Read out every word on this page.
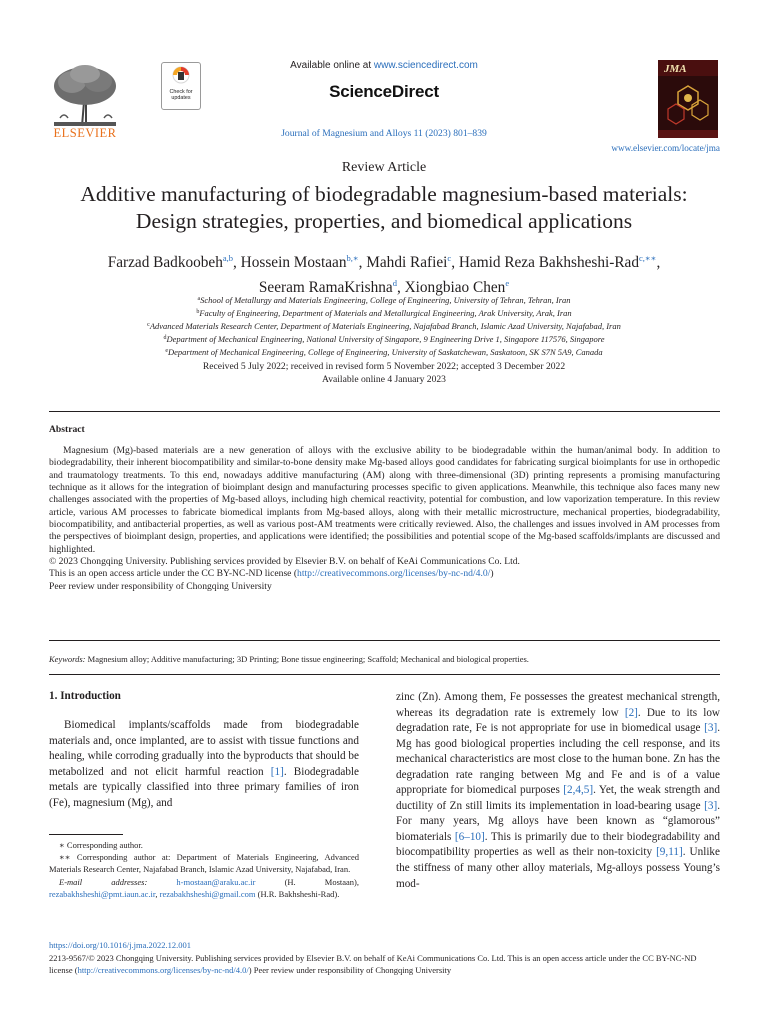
ELSEVIER
Check for updates
Available online at www.sciencedirect.com
ScienceDirect
Journal of Magnesium and Alloys 11 (2023) 801–839
JMA
www.elsevier.com/locate/jma
Review Article
Additive manufacturing of biodegradable magnesium-based materials:
Design strategies, properties, and biomedical applications
Farzad Badkoobeh$^{a,b}$, Hossein Mostaan$^{b,∗}$, Mahdi Rafiei$^c$, Hamid Reza Bakhsheshi-Rad$^{c,∗∗}$,
Seeram RamaKrishna$^d$, Xiongbiao Chen$^e$
$^a$School of Metallurgy and Materials Engineering, College of Engineering, University of Tehran, Tehran, Iran
$^b$Faculty of Engineering, Department of Materials and Metallurgical Engineering, Arak University, Arak, Iran
$^c$Advanced Materials Research Center, Department of Materials Engineering, Najafabad Branch, Islamic Azad University, Najafabad, Iran
$^d$Department of Mechanical Engineering, National University of Singapore, 9 Engineering Drive 1, Singapore 117576, Singapore
$^e$Department of Mechanical Engineering, College of Engineering, University of Saskatchewan, Saskatoon, SK S7N 5A9, Canada
Received 5 July 2022; received in revised form 5 November 2022; accepted 3 December 2022
Available online 4 January 2023
Abstract

Magnesium (Mg)-based materials are a new generation of alloys with the exclusive ability to be biodegradable within the human/animal body. In addition to biodegradability, their inherent biocompatibility and similar-to-bone density make Mg-based alloys good candidates for fabricating surgical bioimplants for use in orthopedic and traumatology treatments. To this end, nowadays additive manufacturing (AM) along with three-dimensional (3D) printing represents a promising manufacturing technique as it allows for the integration of bioimplant design and manufacturing processes specific to given applications. Meanwhile, this technique also faces many new challenges associated with the properties of Mg-based alloys, including high chemical reactivity, potential for combustion, and low vaporization temperature. In this review article, various AM processes to fabricate biomedical implants from Mg-based alloys, along with their metallic microstructure, mechanical properties, biodegradability, biocompatibility, and antibacterial properties, as well as various post-AM treatments were critically reviewed. Also, the challenges and issues involved in AM processes from the perspectives of bioimplant design, properties, and applications were identified; the possibilities and potential scope of the Mg-based scaffolds/implants are discussed and highlighted.

© 2023 Chongqing University. Publishing services provided by Elsevier B.V. on behalf of KeAi Communications Co. Ltd.

This is an open access article under the CC BY-NC-ND license (http://creativecommons.org/licenses/by-nc-nd/4.0/)

Peer review under responsibility of Chongqing University

Keywords: Magnesium alloy; Additive manufacturing; 3D Printing; Bone tissue engineering; Scaffold; Mechanical and biological properties.
1. Introduction

Biomedical implants/scaffolds made from biodegradable materials and, once implanted, are to assist with tissue functions and healing, while corroding gradually into the byproducts that should be metabolized and not elicit harmful reaction [1]. Biodegradable metals are typically classified into three primary families of iron (Fe), magnesium (Mg), and

∗ Corresponding author.

∗∗ Corresponding author at: Department of Materials Engineering, Advanced Materials Research Center, Najafabad Branch, Islamic Azad University, Najafabad, Iran.

E-mail addresses:	h-mostaan@araku.ac.ir (H. Mostaan), rezabakhsheshi@pmt.iaun.ac.ir, rezabakhsheshi@gmail.com (H.R. Bakhsheshi-Rad).

zinc (Zn). Among them, Fe possesses the greatest mechanical strength, whereas its degradation rate is extremely low [2]. Due to its low degradation rate, Fe is not appropriate for use in biomedical usage [3]. Mg has good biological properties including the cell response, and its mechanical characteristics are most close to the human bone. Zn has the degradation rate ranging between Mg and Fe and is of a value appropriate for biomedical purposes [2,4,5]. Yet, the weak strength and ductility of Zn still limits its implementation in load-bearing usage [3]. For many years, Mg alloys have been known as “glamorous” biomaterials [6–10]. This is primarily due to their biodegradability and biocompatibility properties as well as their non-toxicity [9,11]. Unlike the stiffness of many other alloy materials, Mg-alloys possess Young’s mod-

https://doi.org/10.1016/j.jma.2022.12.001
2213-9567/© 2023 Chongqing University. Publishing services provided by Elsevier B.V. on behalf of KeAi Communications Co. Ltd. This is an open access article under the CC BY-NC-ND license (http://creativecommons.org/licenses/by-nc-nd/4.0/) Peer review under responsibility of Chongqing University
